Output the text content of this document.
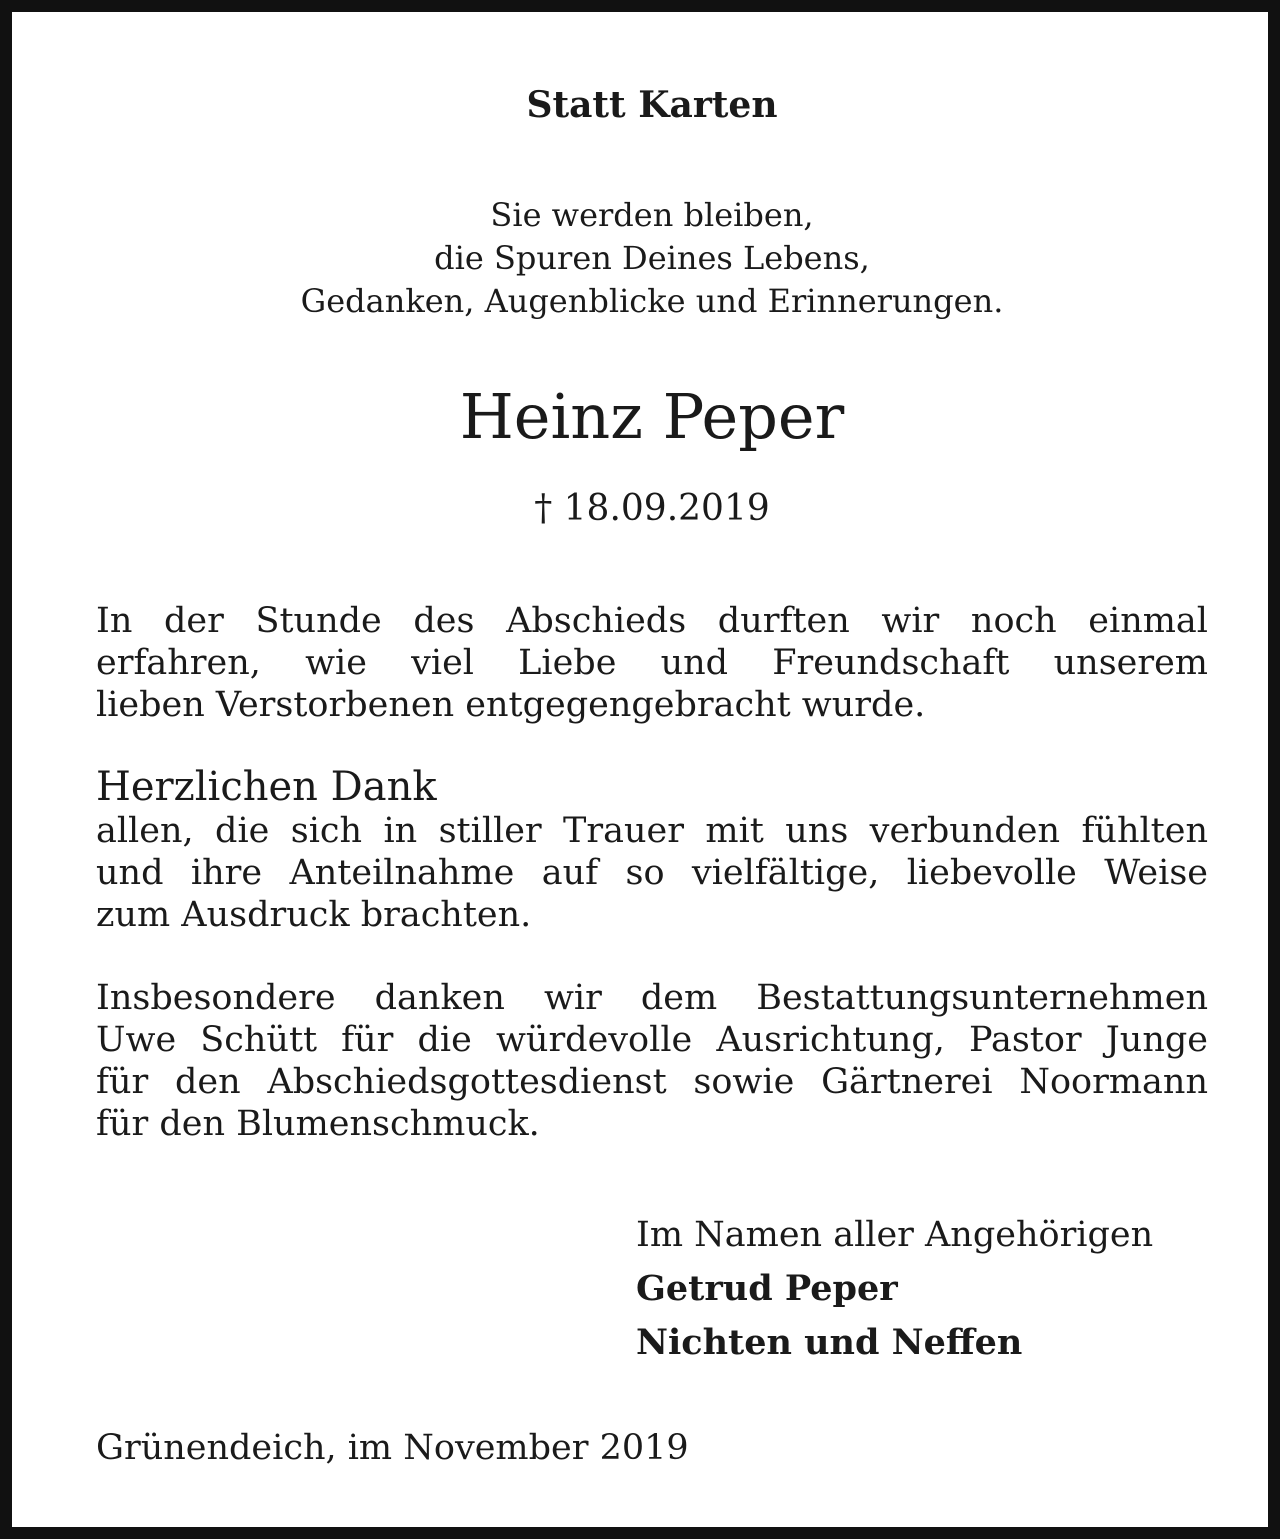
Statt Karten
Sie werden bleiben,
die Spuren Deines Lebens,
Gedanken, Augenblicke und Erinnerungen.
Heinz Peper
† 18.09.2019
In der Stunde des Abschieds durften wir noch einmal
erfahren, wie viel Liebe und Freundschaft unserem
lieben Verstorbenen entgegengebracht wurde.
Herzlichen Dank
allen, die sich in stiller Trauer mit uns verbunden fühlten
und ihre Anteilnahme auf so vielfältige, liebevolle Weise
zum Ausdruck brachten.
Insbesondere danken wir dem Bestattungsunternehmen
Uwe Schütt für die würdevolle Ausrichtung, Pastor Junge
für den Abschiedsgottesdienst sowie Gärtnerei Noormann
für den Blumenschmuck.
Im Namen aller Angehörigen
Getrud Peper
Nichten und Neffen
Grünendeich, im November 2019
